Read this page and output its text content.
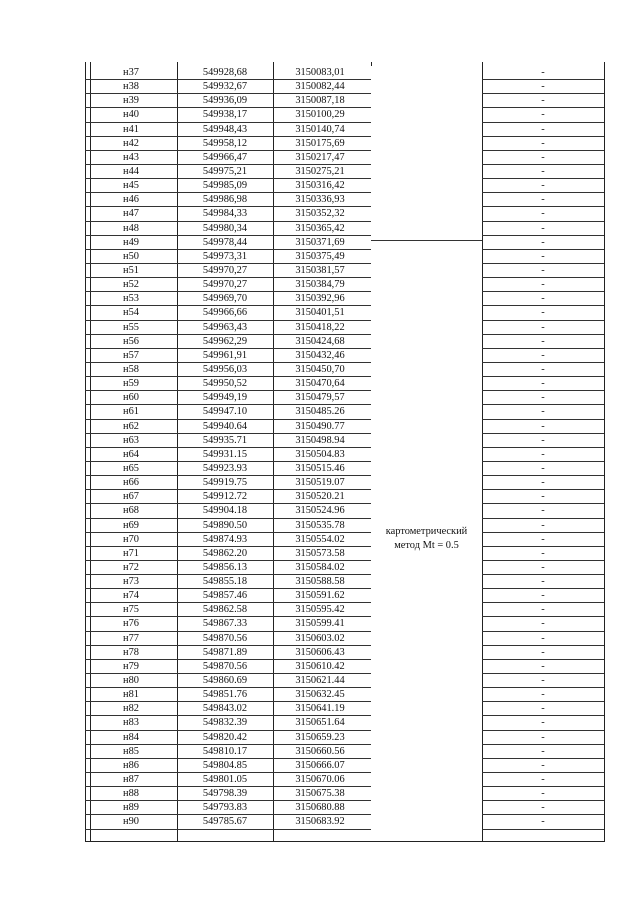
н37	549928,68	3150083,01	-
н38	549932,67	3150082,44	-
н39	549936,09	3150087,18	-
н40	549938,17	3150100,29	-
н41	549948,43	3150140,74	-
н42	549958,12	3150175,69	-
н43	549966,47	3150217,47	-
н44	549975,21	3150275,21	-
н45	549985,09	3150316,42	-
н46	549986,98	3150336,93	-
н47	549984,33	3150352,32	-
н48	549980,34	3150365,42	-
н49	549978,44	3150371,69	-
н50	549973,31	3150375,49	-
н51	549970,27	3150381,57	-
н52	549970,27	3150384,79	-
н53	549969,70	3150392,96	-
н54	549966,66	3150401,51	-
н55	549963,43	3150418,22	-
н56	549962,29	3150424,68	-
н57	549961,91	3150432,46	-
н58	549956,03	3150450,70	-
н59	549950,52	3150470,64	-
н60	549949,19	3150479,57	-
н61	549947.10	3150485.26	-
н62	549940.64	3150490.77	-
н63	549935.71	3150498.94	-
н64	549931.15	3150504.83	-
н65	549923.93	3150515.46	-
н66	549919.75	3150519.07	-
н67	549912.72	3150520.21	-
н68	549904.18	3150524.96	-
н69	549890.50	3150535.78	-
н70	549874.93	3150554.02	-
н71	549862.20	3150573.58	-
н72	549856.13	3150584.02	-
н73	549855.18	3150588.58	-
н74	549857.46	3150591.62	-
н75	549862.58	3150595.42	-
н76	549867.33	3150599.41	-
н77	549870.56	3150603.02	-
н78	549871.89	3150606.43	-
н79	549870.56	3150610.42	-
н80	549860.69	3150621.44	-
н81	549851.76	3150632.45	-
н82	549843.02	3150641.19	-
н83	549832.39	3150651.64	-
н84	549820.42	3150659.23	-
н85	549810.17	3150660.56	-
н86	549804.85	3150666.07	-
н87	549801.05	3150670.06	-
н88	549798.39	3150675.38	-
н89	549793.83	3150680.88	-
н90	549785.67	3150683.92	-
картометрический
метод Mt = 0.5
